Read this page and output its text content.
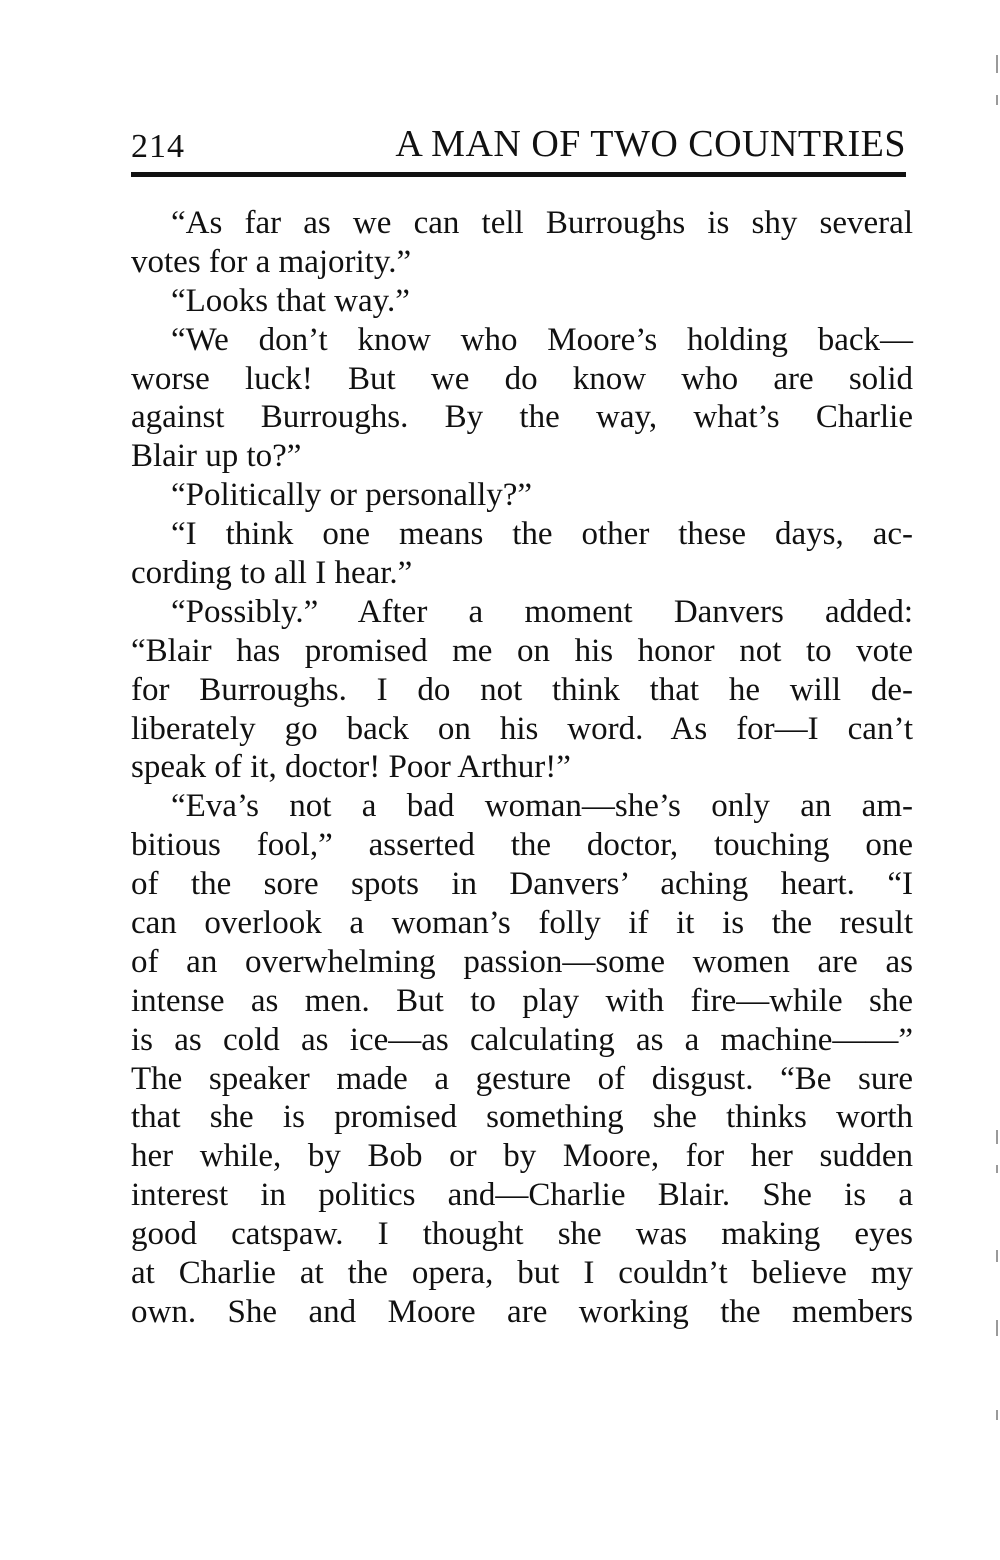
214	A MAN OF TWO COUNTRIES
“As far as we can tell Burroughs is shy several
votes for a majority.”
“Looks that way.”
“We don’t know who Moore’s holding back—
worse luck! But we do know who are solid
against Burroughs. By the way, what’s Charlie
Blair up to?”
“Politically or personally?”
“I think one means the other these days, ac-
cording to all I hear.”
“Possibly.” After a moment Danvers added:
“Blair has promised me on his honor not to vote
for Burroughs. I do not think that he will de-
liberately go back on his word. As for—I can’t
speak of it, doctor! Poor Arthur!”
“Eva’s not a bad woman—she’s only an am-
bitious fool,” asserted the doctor, touching one
of the sore spots in Danvers’ aching heart. “I
can overlook a woman’s folly if it is the result
of an overwhelming passion—some women are as
intense as men. But to play with fire—while she
is as cold as ice—as calculating as a machine——”
The speaker made a gesture of disgust. “Be sure
that she is promised something she thinks worth
her while, by Bob or by Moore, for her sudden
interest in politics and—Charlie Blair. She is a
good catspaw. I thought she was making eyes
at Charlie at the opera, but I couldn’t believe my
own. She and Moore are working the members
